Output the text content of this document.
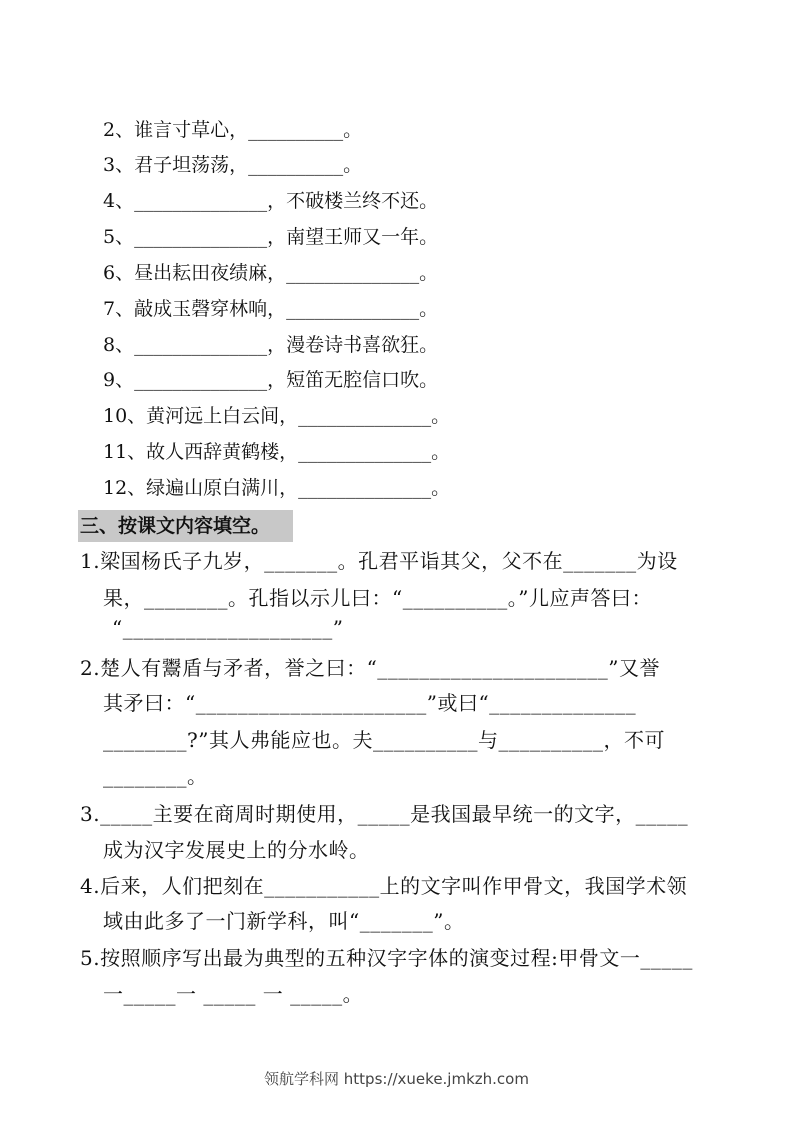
2、谁言寸草心，__________。
3、君子坦荡荡，__________。
4、______________，不破楼兰终不还。
5、______________，南望王师又一年。
6、昼出耘田夜绩麻，______________。
7、敲成玉磬穿林响，______________。
8、______________，漫卷诗书喜欲狂。
9、______________，短笛无腔信口吹。
10、黄河远上白云间，______________。
11、故人西辞黄鹤楼，______________。
12、绿遍山原白满川，______________。
三、按课文内容填空。
1.梁国杨氏子九岁，_______。孔君平诣其父，父不在_______为设
果，________。孔指以示儿曰：“__________。”儿应声答曰：
“____________________”
2.楚人有鬻盾与矛者，誉之曰：“______________________”又誉
其矛曰：“______________________”或曰“______________
________?”其人弗能应也。夫__________与__________，不可
________。
3._____主要在商周时期使用，_____是我国最早统一的文字，_____
成为汉字发展史上的分水岭。
4.后来，人们把刻在___________上的文字叫作甲骨文，我国学术领
域由此多了一门新学科，叫“_______”。
5.按照顺序写出最为典型的五种汉字字体的演变过程:甲骨文一_____
一_____一 _____ 一 _____。
领航学科网 https://xueke.jmkzh.com
